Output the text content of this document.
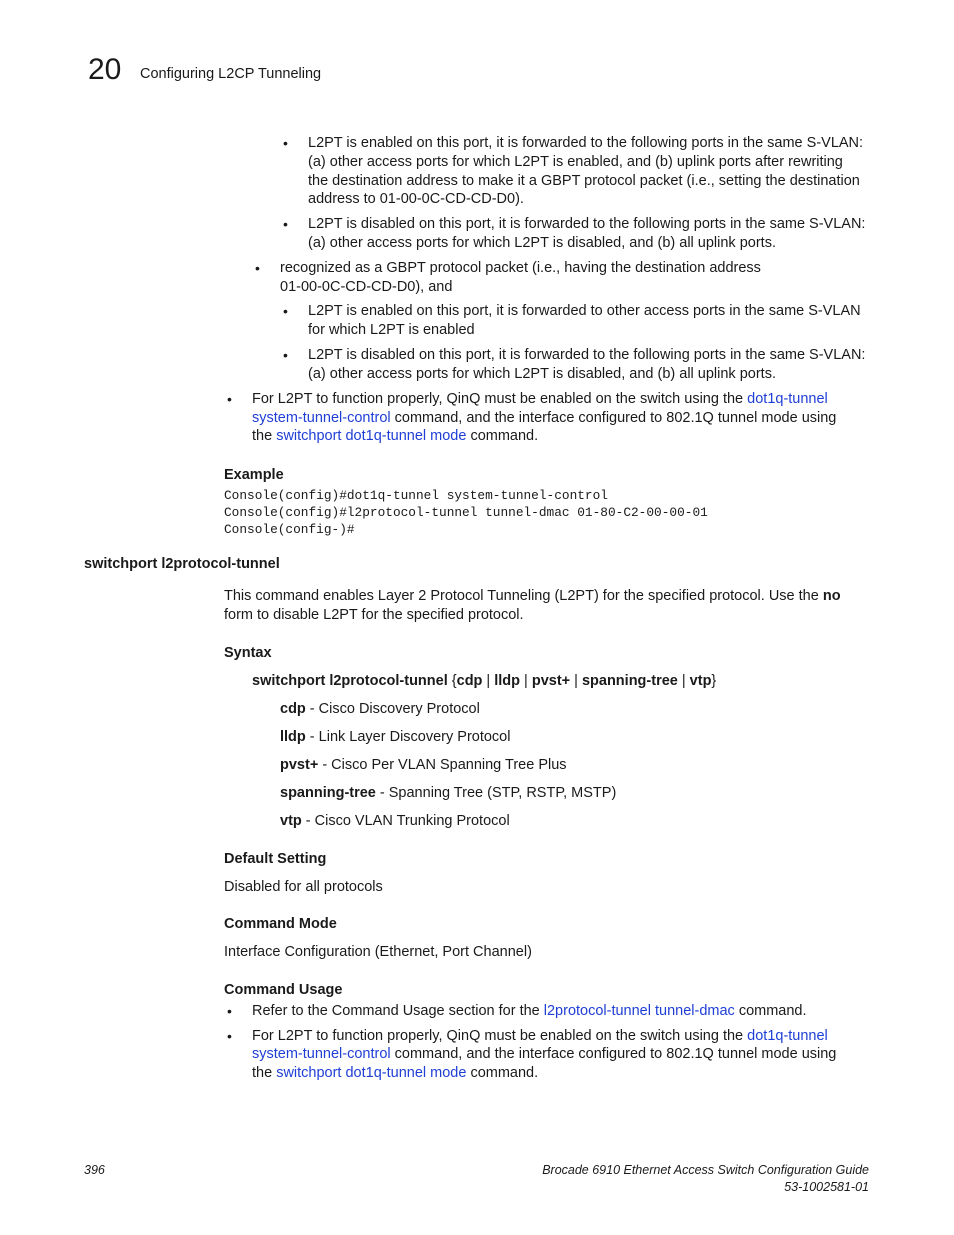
20 Configuring L2CP Tunneling
• L2PT is enabled on this port, it is forwarded to the following ports in the same S-VLAN:
(a) other access ports for which L2PT is enabled, and (b) uplink ports after rewriting
the destination address to make it a GBPT protocol packet (i.e., setting the destination
address to 01-00-0C-CD-CD-D0).
• L2PT is disabled on this port, it is forwarded to the following ports in the same S-VLAN:
(a) other access ports for which L2PT is disabled, and (b) all uplink ports.
• recognized as a GBPT protocol packet (i.e., having the destination address
01-00-0C-CD-CD-D0), and
• L2PT is enabled on this port, it is forwarded to other access ports in the same S-VLAN
for which L2PT is enabled
• L2PT is disabled on this port, it is forwarded to the following ports in the same S-VLAN:
(a) other access ports for which L2PT is disabled, and (b) all uplink ports.
• For L2PT to function properly, QinQ must be enabled on the switch using the dot1q-tunnel
system-tunnel-control command, and the interface configured to 802.1Q tunnel mode using
the switchport dot1q-tunnel mode command.
Example
Console(config)#dot1q-tunnel system-tunnel-control
Console(config)#l2protocol-tunnel tunnel-dmac 01-80-C2-00-00-01
Console(config-)#
switchport l2protocol-tunnel
This command enables Layer 2 Protocol Tunneling (L2PT) for the specified protocol. Use the no
form to disable L2PT for the specified protocol.
Syntax
switchport l2protocol-tunnel {cdp | lldp | pvst+ | spanning-tree | vtp}
cdp - Cisco Discovery Protocol
lldp - Link Layer Discovery Protocol
pvst+ - Cisco Per VLAN Spanning Tree Plus
spanning-tree - Spanning Tree (STP, RSTP, MSTP)
vtp - Cisco VLAN Trunking Protocol
Default Setting
Disabled for all protocols
Command Mode
Interface Configuration (Ethernet, Port Channel)
Command Usage
• Refer to the Command Usage section for the l2protocol-tunnel tunnel-dmac command.
• For L2PT to function properly, QinQ must be enabled on the switch using the dot1q-tunnel
system-tunnel-control command, and the interface configured to 802.1Q tunnel mode using
the switchport dot1q-tunnel mode command.
396	Brocade 6910 Ethernet Access Switch Configuration Guide
53-1002581-01
